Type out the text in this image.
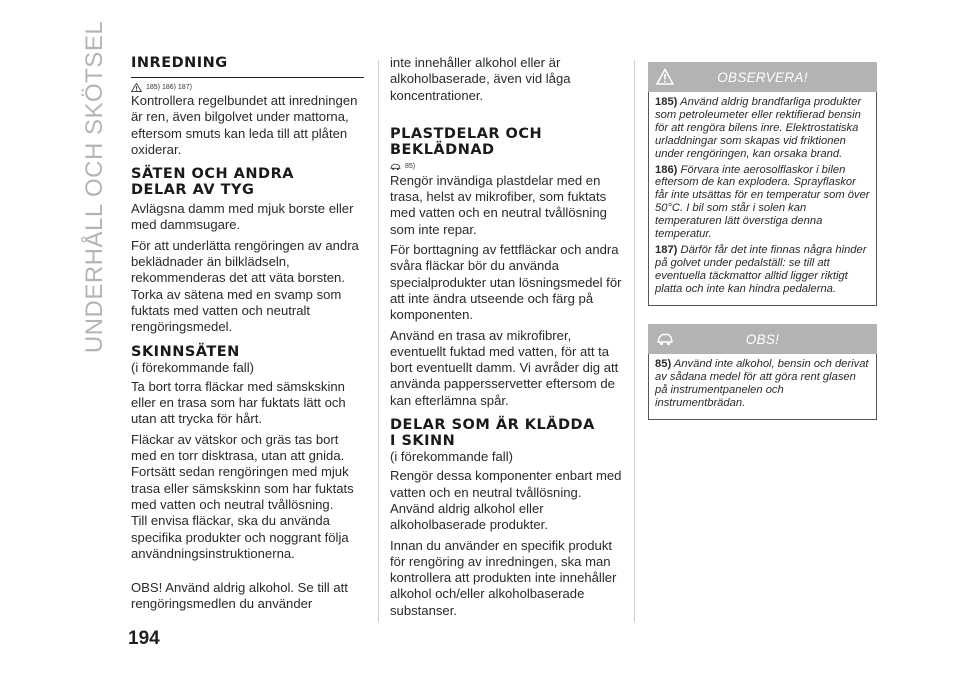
UNDERHÅLL OCH SKÖTSEL INREDNING
185) 186) 187)

Kontrollera regelbundet att inredningen är ren, även bilgolvet under mattorna, eftersom smuts kan leda till att plåten oxiderar.

SÄTEN OCH ANDRA
DELAR AV TYG

Avlägsna damm med mjuk borste eller med dammsugare.

För att underlätta rengöringen av andra beklädnader än bilklädseln, rekommenderas det att väta borsten. Torka av sätena med en svamp som fuktats med vatten och neutralt rengöringsmedel.

SKINNSÄTEN

(i förekommande fall)

Ta bort torra fläckar med sämskskinn eller en trasa som har fuktats lätt och utan att trycka för hårt.

Fläckar av vätskor och gräs tas bort med en torr disktrasa, utan att gnida. Fortsätt sedan rengöringen med mjuk trasa eller sämskskinn som har fuktats med vatten och neutral tvållösning.

Till envisa fläckar, ska du använda specifika produkter och noggrant följa användningsinstruktionerna.

OBS! Använd aldrig alkohol. Se till att rengöringsmedlen du använder

inte innehåller alkohol eller är alkoholbaserade, även vid låga koncentrationer.

PLASTDELAR OCH
BEKLÄDNAD
85)

Rengör invändiga plastdelar med en trasa, helst av mikrofiber, som fuktats med vatten och en neutral tvållösning som inte repar.

För borttagning av fettfläckar och andra svåra fläckar bör du använda specialprodukter utan lösningsmedel för att inte ändra utseende och färg på komponenten.

Använd en trasa av mikrofibrer, eventuellt fuktad med vatten, för att ta bort eventuellt damm. Vi avråder dig att använda pappersservetter eftersom de kan efterlämna spår.

DELAR SOM ÄR KLÄDDA
I SKINN

(i förekommande fall)

Rengör dessa komponenter enbart med vatten och en neutral tvållösning. Använd aldrig alkohol eller alkoholbaserade produkter.

Innan du använder en specifik produkt för rengöring av inredningen, ska man kontrollera att produkten inte innehåller alkohol och/eller alkoholbaserade substanser.

OBSERVERA!

185) Använd aldrig brandfarliga produkter som petroleumeter eller rektifierad bensin för att rengöra bilens inre. Elektrostatiska urladdningar som skapas vid friktionen under rengöringen, kan orsaka brand.

186) Förvara inte aerosolflaskor i bilen eftersom de kan explodera. Sprayflaskor får inte utsättas för en temperatur som över 50°C. I bil som står i solen kan temperaturen lätt överstiga denna temperatur.

187) Därför får det inte finnas några hinder på golvet under pedalställ: se till att eventuella täckmattor alltid ligger riktigt platta och inte kan hindra pedalerna.

OBS!

85) Använd inte alkohol, bensin och derivat av sådana medel för att göra rent glasen på instrumentpanelen och instrumentbrädan.

194
